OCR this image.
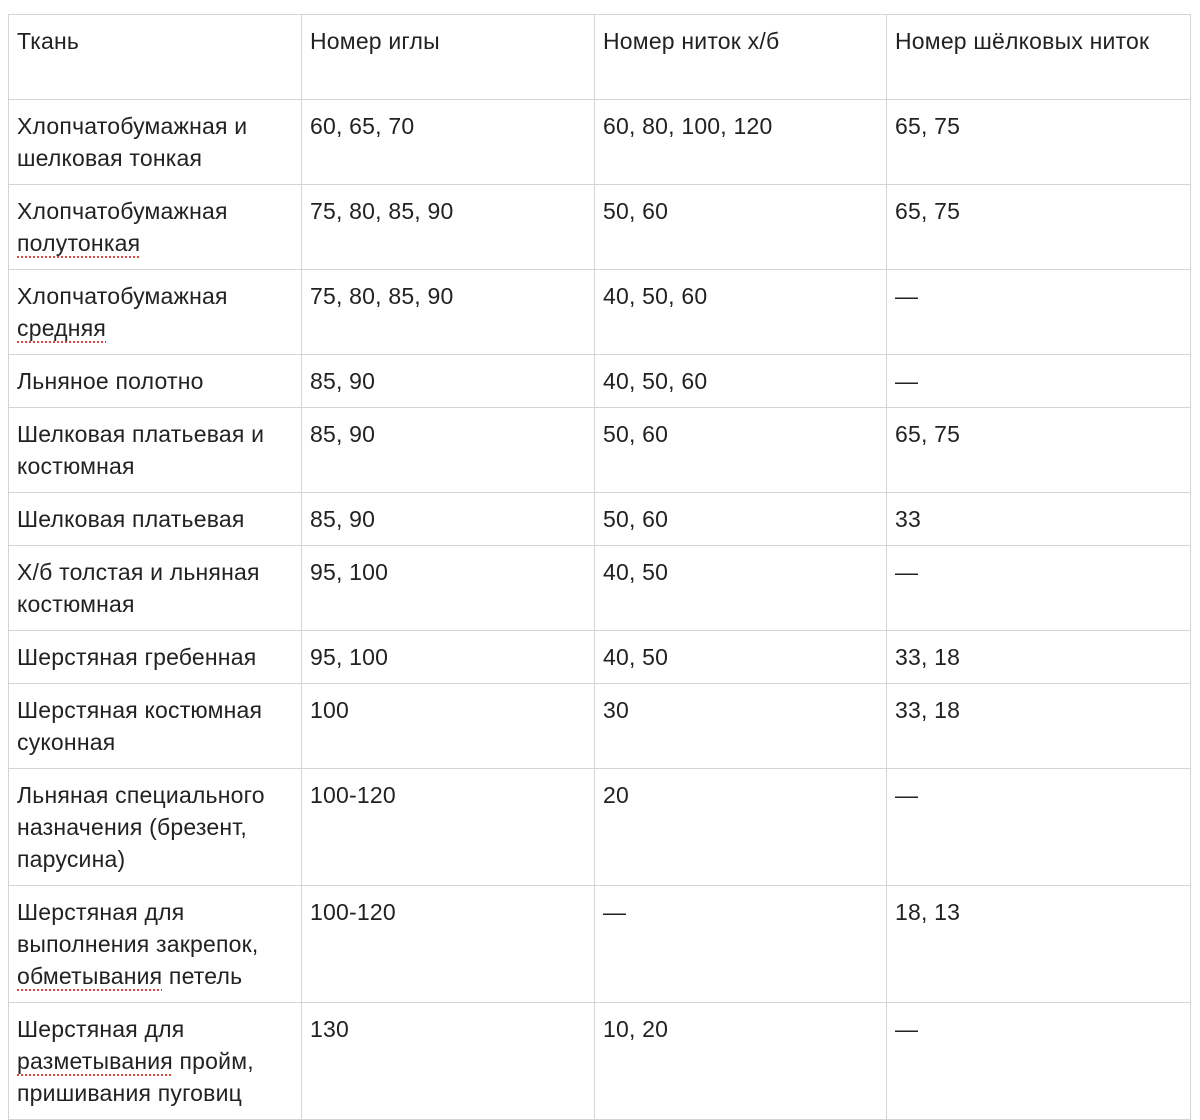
Ткань	Номер иглы	Номер ниток х/б	Номер шёлковых ниток
Хлопчатобумажная и шелковая тонкая	60, 65, 70	60, 80, 100, 120	65, 75
Хлопчатобумажная полутонкая	75, 80, 85, 90	50, 60	65, 75
Хлопчатобумажная средняя	75, 80, 85, 90	40, 50, 60	—
Льняное полотно	85, 90	40, 50, 60	—
Шелковая платьевая и костюмная	85, 90	50, 60	65, 75
Шелковая платьевая	85, 90	50, 60	33
Х/б толстая и льняная костюмная	95, 100	40, 50	—
Шерстяная гребенная	95, 100	40, 50	33, 18
Шерстяная костюмная суконная	100	30	33, 18
Льняная специального назначения (брезент, парусина)	100-120	20	—
Шерстяная для выполнения закрепок, обметывания петель	100-120	—	18, 13
Шерстяная для разметывания пройм, пришивания пуговиц	130	10, 20	—
